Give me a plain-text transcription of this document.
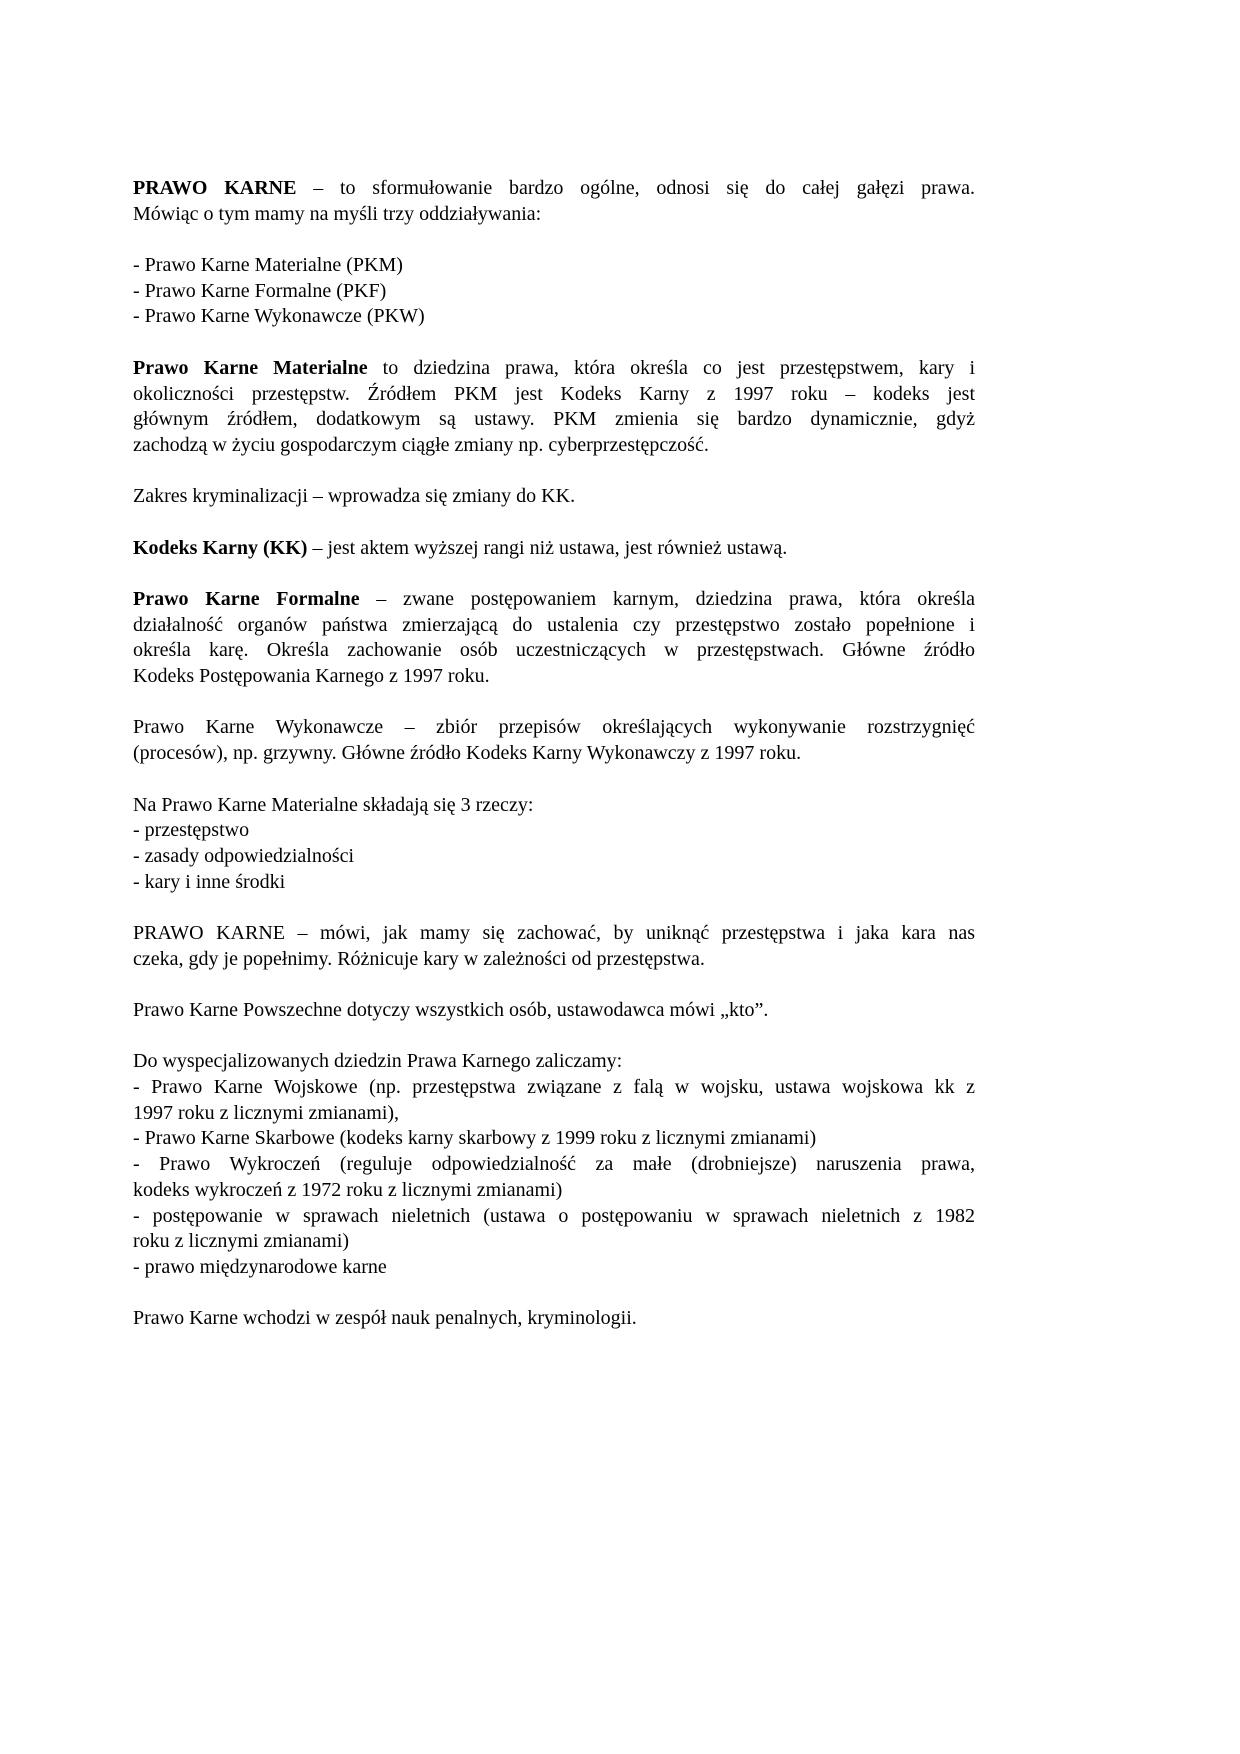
PRAWO KARNE – to sformułowanie bardzo ogólne, odnosi się do całej gałęzi prawa.
Mówiąc o tym mamy na myśli trzy oddziaływania:
- Prawo Karne Materialne (PKM)
- Prawo Karne Formalne (PKF)
- Prawo Karne Wykonawcze (PKW)
Prawo Karne Materialne to dziedzina prawa, która określa co jest przestępstwem, kary i
okoliczności przestępstw. Źródłem PKM jest Kodeks Karny z 1997 roku – kodeks jest
głównym źródłem, dodatkowym są ustawy. PKM zmienia się bardzo dynamicznie, gdyż
zachodzą w życiu gospodarczym ciągłe zmiany np. cyberprzestępczość.
Zakres kryminalizacji – wprowadza się zmiany do KK.
Kodeks Karny (KK) – jest aktem wyższej rangi niż ustawa, jest również ustawą.
Prawo Karne Formalne – zwane postępowaniem karnym, dziedzina prawa, która określa
działalność organów państwa zmierzającą do ustalenia czy przestępstwo zostało popełnione i
określa karę. Określa zachowanie osób uczestniczących w przestępstwach. Główne źródło
Kodeks Postępowania Karnego z 1997 roku.
Prawo Karne Wykonawcze – zbiór przepisów określających wykonywanie rozstrzygnięć
(procesów), np. grzywny. Główne źródło Kodeks Karny Wykonawczy z 1997 roku.
Na Prawo Karne Materialne składają się 3 rzeczy:
- przestępstwo
- zasady odpowiedzialności
- kary i inne środki
PRAWO KARNE – mówi, jak mamy się zachować, by uniknąć przestępstwa i jaka kara nas
czeka, gdy je popełnimy. Różnicuje kary w zależności od przestępstwa.
Prawo Karne Powszechne dotyczy wszystkich osób, ustawodawca mówi „kto”.
Do wyspecjalizowanych dziedzin Prawa Karnego zaliczamy:
- Prawo Karne Wojskowe (np. przestępstwa związane z falą w wojsku, ustawa wojskowa kk z
1997 roku z licznymi zmianami),
- Prawo Karne Skarbowe (kodeks karny skarbowy z 1999 roku z licznymi zmianami)
- Prawo Wykroczeń (reguluje odpowiedzialność za małe (drobniejsze) naruszenia prawa,
kodeks wykroczeń z 1972 roku z licznymi zmianami)
- postępowanie w sprawach nieletnich (ustawa o postępowaniu w sprawach nieletnich z 1982
roku z licznymi zmianami)
- prawo międzynarodowe karne
Prawo Karne wchodzi w zespół nauk penalnych, kryminologii.
